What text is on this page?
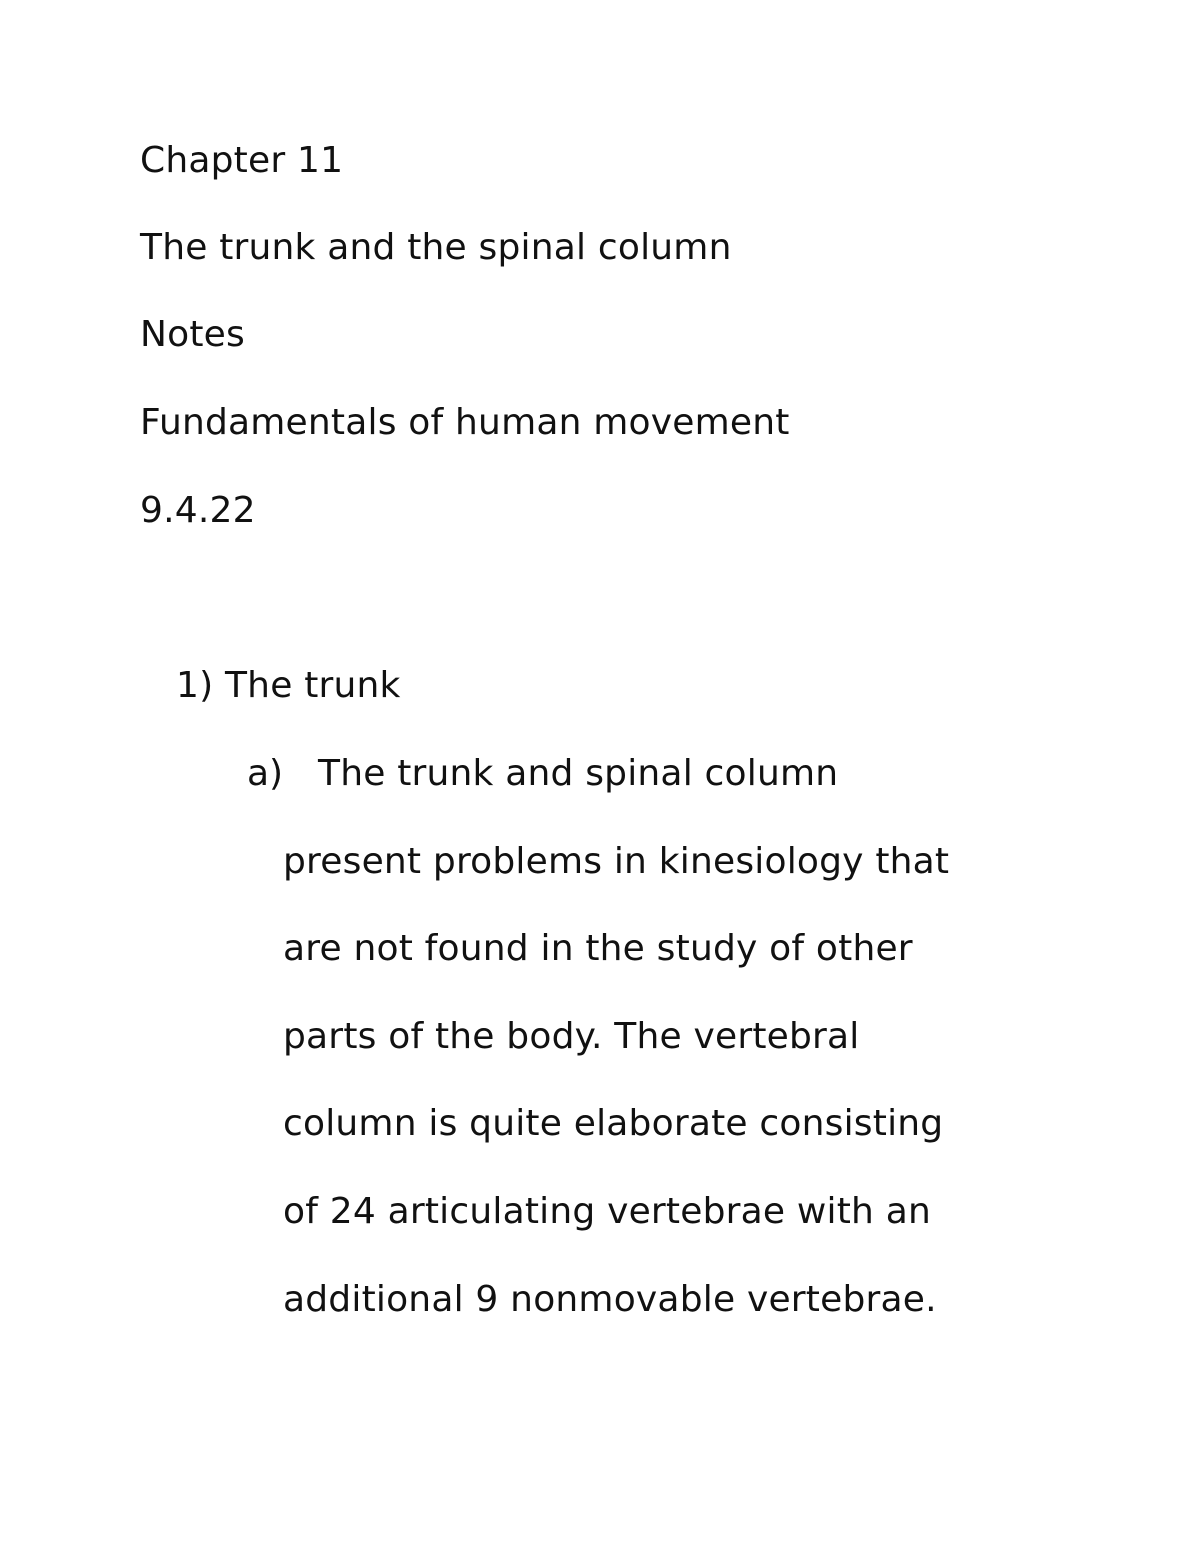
Chapter 11
The trunk and the spinal column
Notes
Fundamentals of human movement
9.4.22
1) The trunk
a) The trunk and spinal column
present problems in kinesiology that
are not found in the study of other
parts of the body. The vertebral
column is quite elaborate consisting
of 24 articulating vertebrae with an
additional 9 nonmovable vertebrae.
